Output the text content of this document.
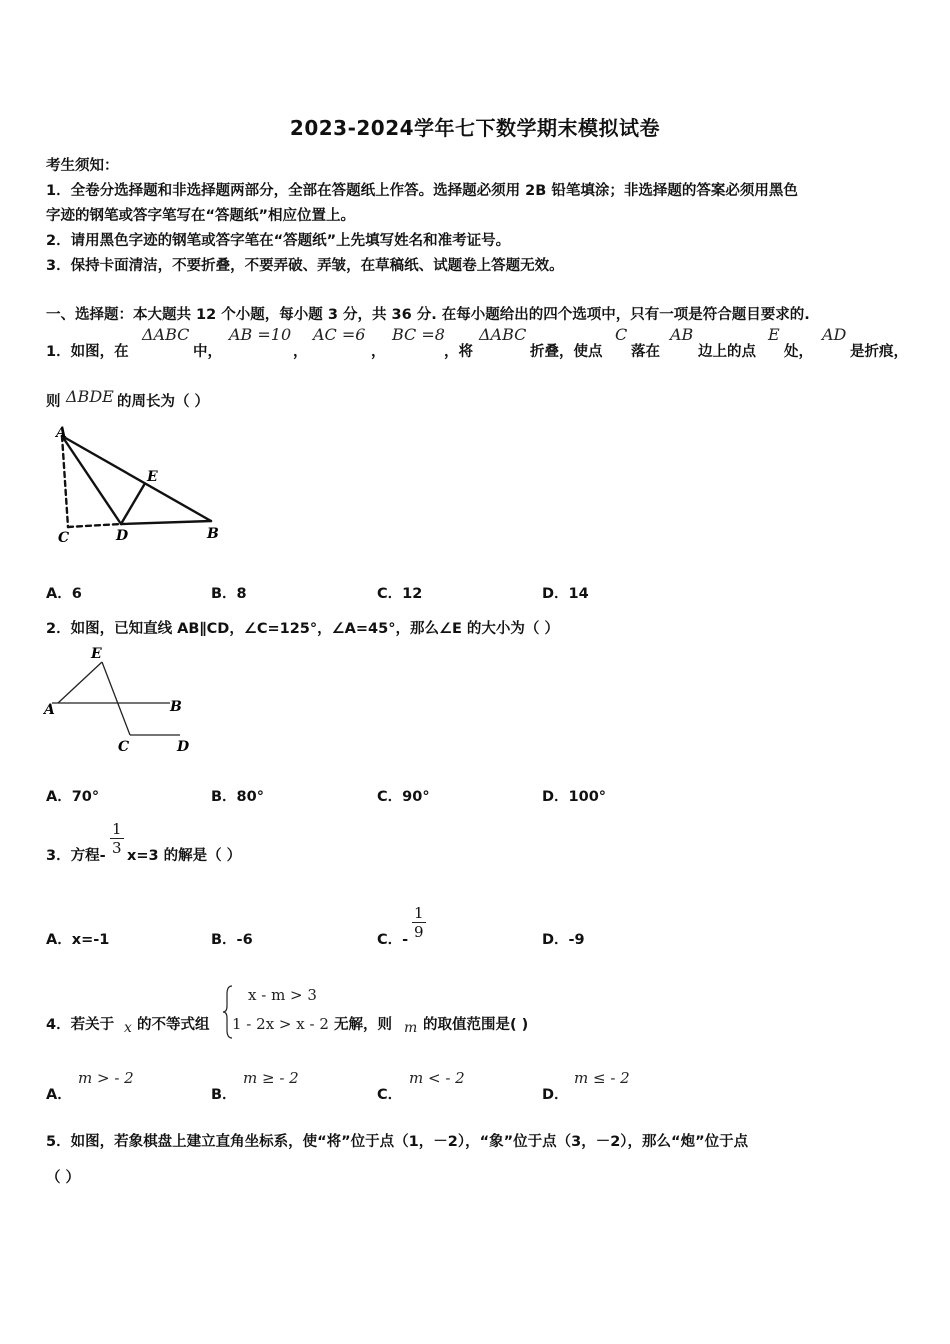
2023-2024学年七下数学期末模拟试卷
考生须知：
1．全卷分选择题和非选择题两部分，全部在答题纸上作答。选择题必须用 2B 铅笔填涂；非选择题的答案必须用黑色
字迹的钢笔或答字笔写在“答题纸”相应位置上。
2．请用黑色字迹的钢笔或答字笔在“答题纸”上先填写姓名和准考证号。
3．保持卡面清洁，不要折叠，不要弄破、弄皱，在草稿纸、试题卷上答题无效。
一、选择题：本大题共 12 个小题，每小题 3 分，共 36 分. 在每小题给出的四个选项中，只有一项是符合题目要求的.
1．如图，在
ΔABC
中，
AB =10
，
AC =6
，
BC =8
，将
ΔABC
折叠，使点
C
落在
AB
边上的点
E
处，
AD
是折痕，
则 ΔBDE 的周长为（ ）
A
E
C	D	B
A．6	B．8	C．12	D．14
2．如图，已知直线 AB∥CD，∠C=125°，∠A=45°，那么∠E 的大小为（ ）
E
A	B
C	D
A．70°	B．80°	C．90°	D．100°
3．方程- $\frac{1}{3} x=3$ 的解是（ ）
A．x=-1	B．-6	C．- $\frac{1}{9}$	D．-9
4．若关于 x 的不等式组
x - m > 3
1 - 2x > x - 2 无解，则 m 的取值范围是( )
A．
m > - 2
B．
m ≥ - 2
C．
m < - 2
D．
m ≤ - 2
5．如图，若象棋盘上建立直角坐标系，使“将”位于点（1，－2），“象”位于点（3，－2），那么“炮”位于点
（ ）
